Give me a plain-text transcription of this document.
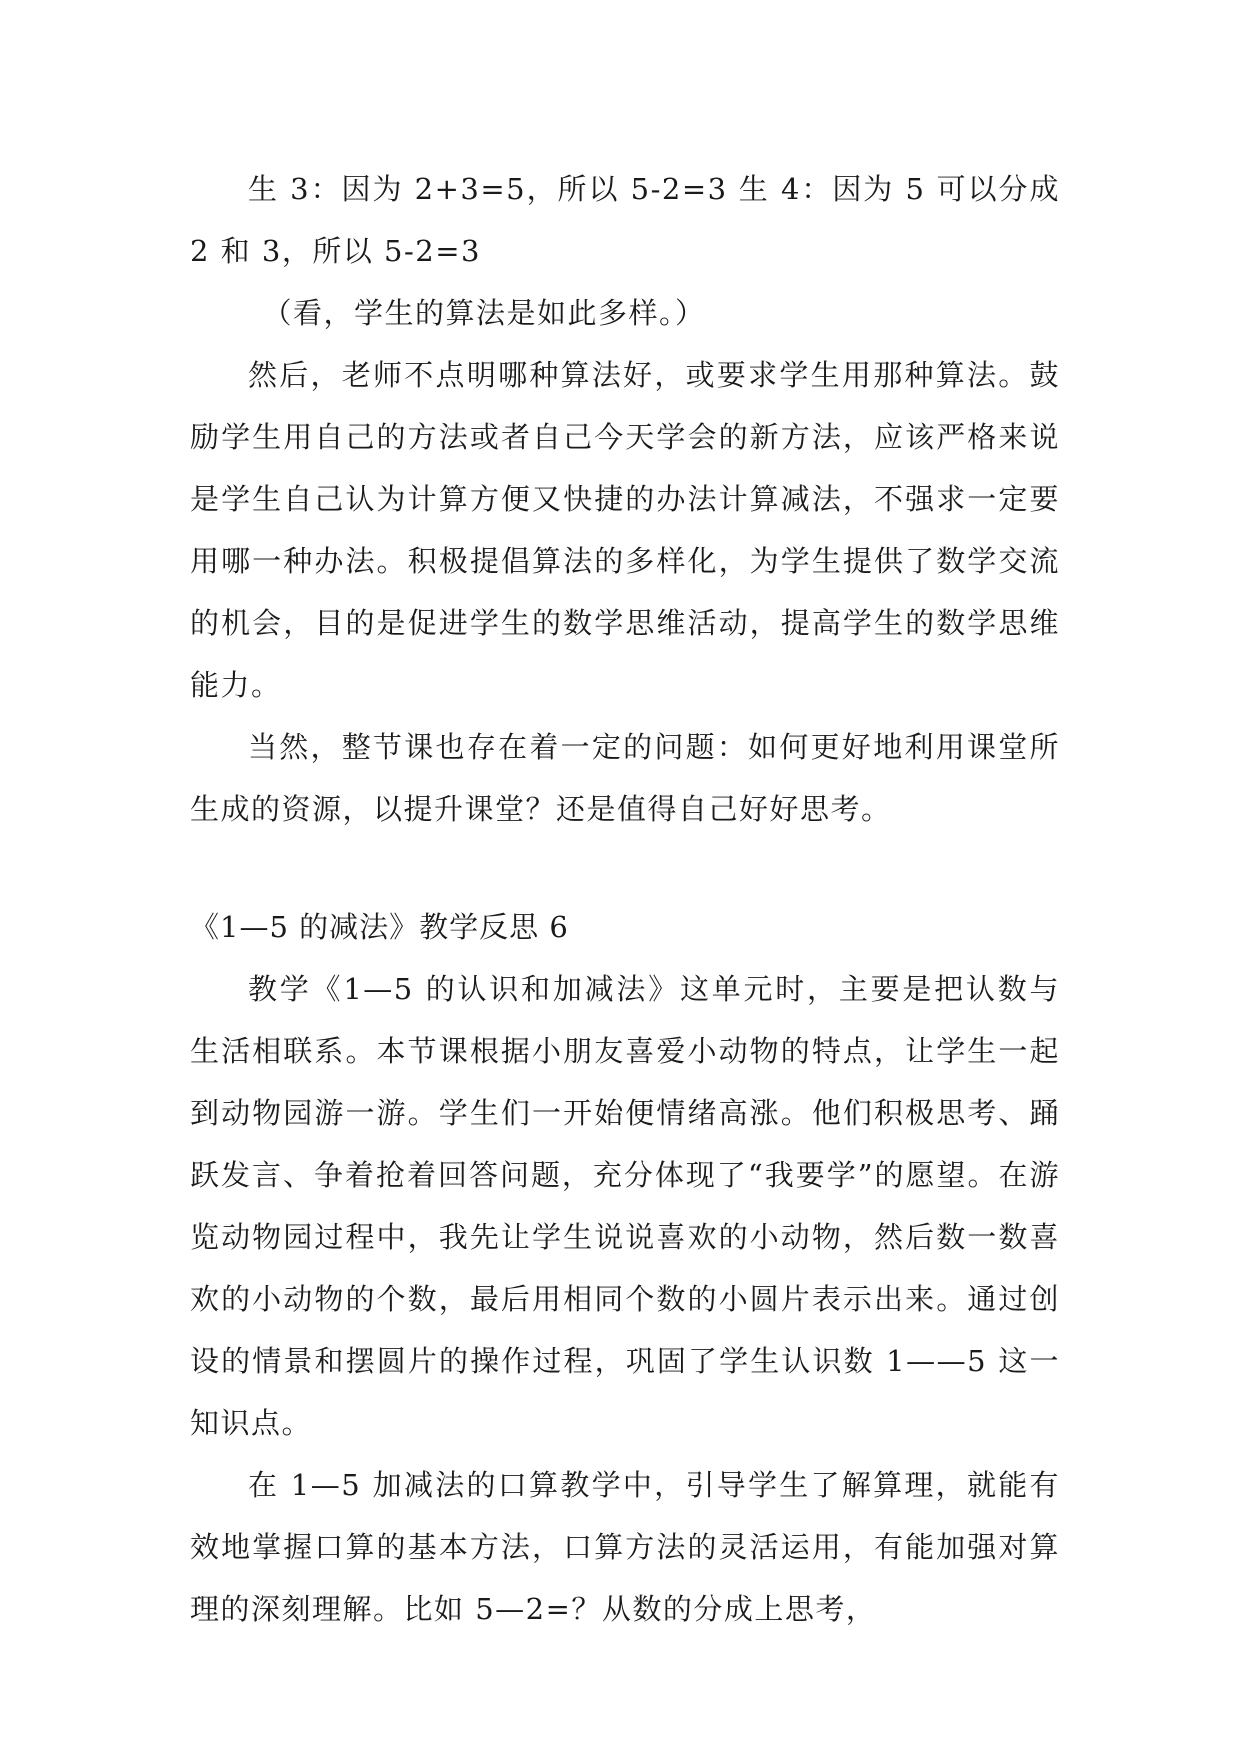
生 3：因为 2+3=5，所以 5-2=3 生 4：因为 5 可以分成 2 和 3，所以 5-2=3

（看，学生的算法是如此多样。）

然后，老师不点明哪种算法好，或要求学生用那种算法。鼓励学生用自己的方法或者自己今天学会的新方法，应该严格来说是学生自己认为计算方便又快捷的办法计算减法，不强求一定要用哪一种办法。积极提倡算法的多样化，为学生提供了数学交流的机会，目的是促进学生的数学思维活动，提高学生的数学思维能力。

当然，整节课也存在着一定的问题：如何更好地利用课堂所生成的资源，以提升课堂？还是值得自己好好思考。

《1—5 的减法》教学反思 6

教学《1—5 的认识和加减法》这单元时，主要是把认数与生活相联系。本节课根据小朋友喜爱小动物的特点，让学生一起到动物园游一游。学生们一开始便情绪高涨。他们积极思考、踊跃发言、争着抢着回答问题，充分体现了“我要学”的愿望。在游览动物园过程中，我先让学生说说喜欢的小动物，然后数一数喜欢的小动物的个数，最后用相同个数的小圆片表示出来。通过创设的情景和摆圆片的操作过程，巩固了学生认识数 1——5 这一知识点。

在 1—5 加减法的口算教学中，引导学生了解算理，就能有效地掌握口算的基本方法，口算方法的灵活运用，有能加强对算理的深刻理解。比如 5—2=？从数的分成上思考，
